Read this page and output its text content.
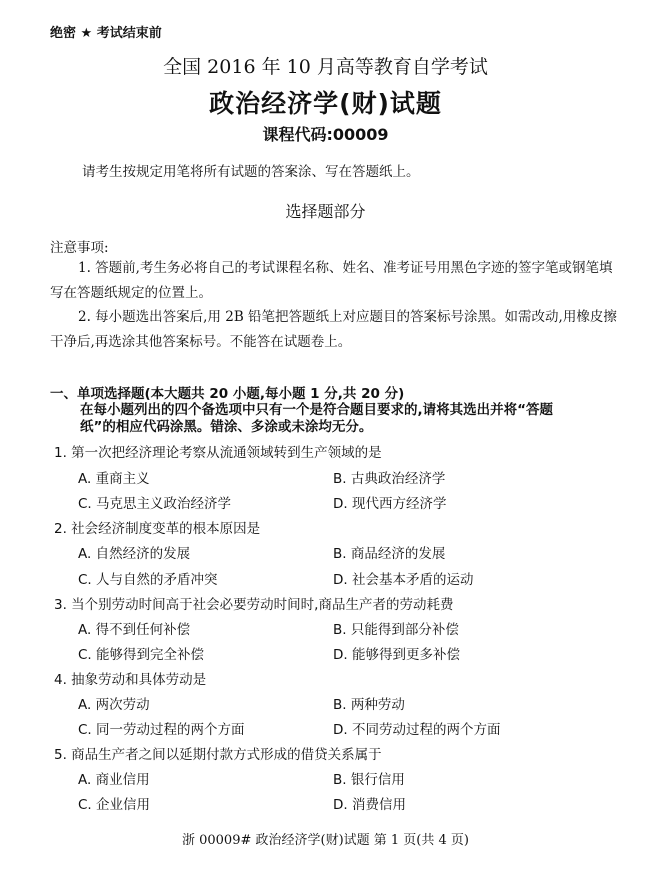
绝密 ★ 考试结束前
全国 2016 年 10 月高等教育自学考试
政治经济学(财)试题
课程代码:00009
请考生按规定用笔将所有试题的答案涂、写在答题纸上。
选择题部分
注意事项:
1. 答题前,考生务必将自己的考试课程名称、姓名、准考证号用黑色字迹的签字笔或钢笔填写在答题纸规定的位置上。
2. 每小题选出答案后,用 2B 铅笔把答题纸上对应题目的答案标号涂黑。如需改动,用橡皮擦干净后,再选涂其他答案标号。不能答在试题卷上。
一、单项选择题(本大题共 20 小题,每小题 1 分,共 20 分)
在每小题列出的四个备选项中只有一个是符合题目要求的,请将其选出并将“答题纸”的相应代码涂黑。错涂、多涂或未涂均无分。
1. 第一次把经济理论考察从流通领域转到生产领域的是
A. 重商主义	B. 古典政治经济学
C. 马克思主义政治经济学	D. 现代西方经济学
2. 社会经济制度变革的根本原因是
A. 自然经济的发展	B. 商品经济的发展
C. 人与自然的矛盾冲突	D. 社会基本矛盾的运动
3. 当个别劳动时间高于社会必要劳动时间时,商品生产者的劳动耗费
A. 得不到任何补偿	B. 只能得到部分补偿
C. 能够得到完全补偿	D. 能够得到更多补偿
4. 抽象劳动和具体劳动是
A. 两次劳动	B. 两种劳动
C. 同一劳动过程的两个方面	D. 不同劳动过程的两个方面
5. 商品生产者之间以延期付款方式形成的借贷关系属于
A. 商业信用	B. 银行信用
C. 企业信用	D. 消费信用
浙 00009# 政治经济学(财)试题 第 1 页(共 4 页)
